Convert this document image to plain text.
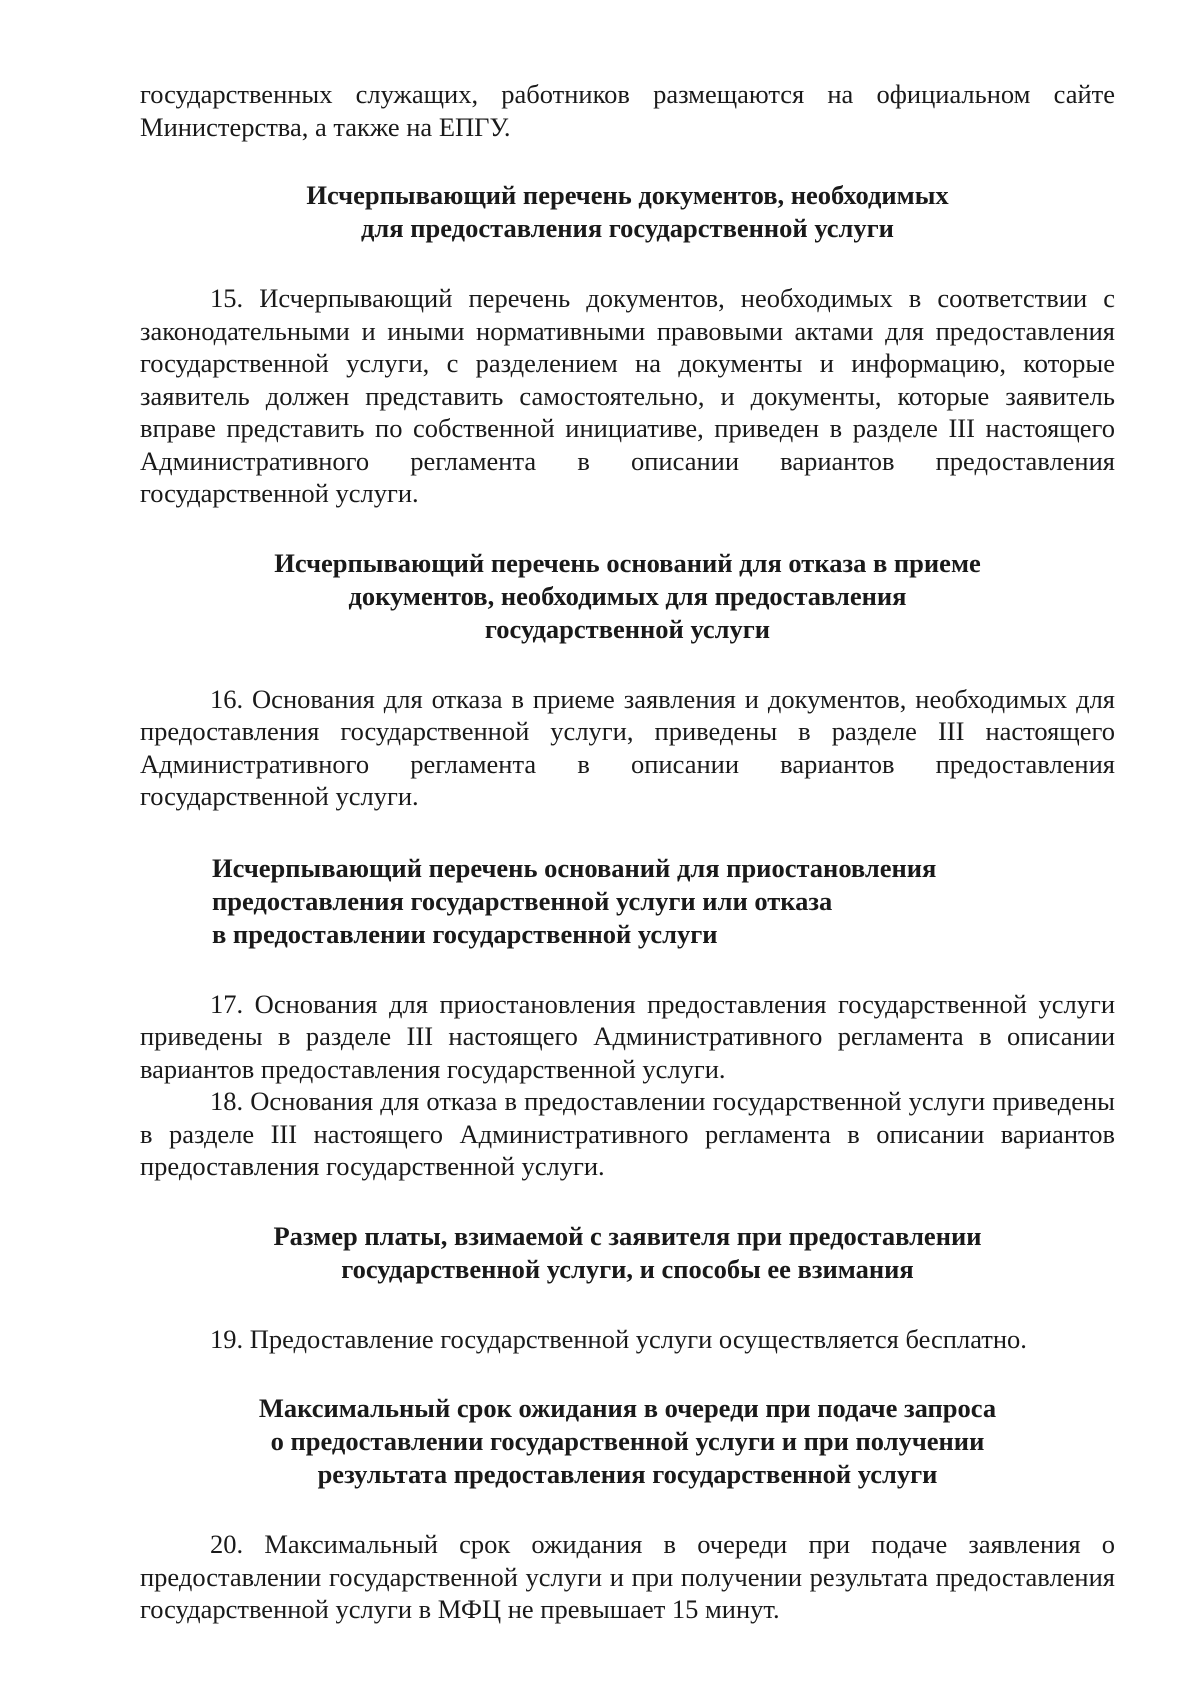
государственных служащих, работников размещаются на официальном сайте Министерства, а также на ЕПГУ.

Исчерпывающий перечень документов, необходимых
для предоставления государственной услуги

15. Исчерпывающий перечень документов, необходимых в соответствии с законодательными и иными нормативными правовыми актами для предоставления государственной услуги, с разделением на документы и информацию, которые заявитель должен представить самостоятельно, и документы, которые заявитель вправе представить по собственной инициативе, приведен в разделе III настоящего Административного регламента в описании вариантов предоставления государственной услуги.

Исчерпывающий перечень оснований для отказа в приеме
документов, необходимых для предоставления
государственной услуги

16. Основания для отказа в приеме заявления и документов, необходимых для предоставления государственной услуги, приведены в разделе III настоящего Административного регламента в описании вариантов предоставления государственной услуги.

Исчерпывающий перечень оснований для приостановления
предоставления государственной услуги или отказа
в предоставлении государственной услуги

17. Основания для приостановления предоставления государственной услуги приведены в разделе III настоящего Административного регламента в описании вариантов предоставления государственной услуги.

18. Основания для отказа в предоставлении государственной услуги приведены в разделе III настоящего Административного регламента в описании вариантов предоставления государственной услуги.

Размер платы, взимаемой с заявителя при предоставлении
государственной услуги, и способы ее взимания

19. Предоставление государственной услуги осуществляется бесплатно.

Максимальный срок ожидания в очереди при подаче запроса
о предоставлении государственной услуги и при получении
результата предоставления государственной услуги

20. Максимальный срок ожидания в очереди при подаче заявления о предоставлении государственной услуги и при получении результата предоставления государственной услуги в МФЦ не превышает 15 минут.
